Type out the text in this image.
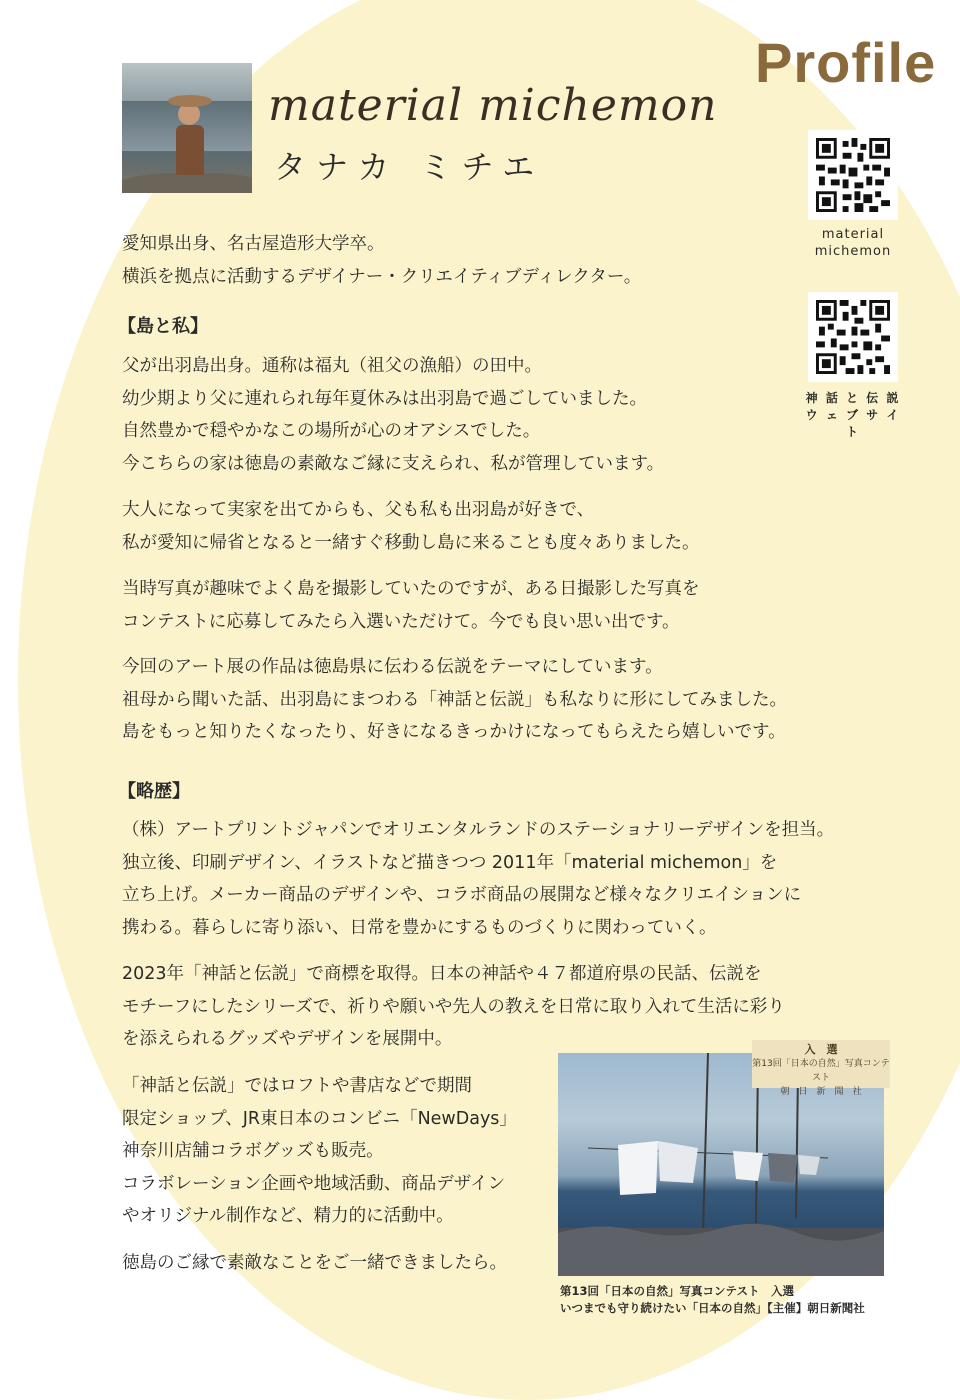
Profile
material michemon
タナカ ミチエ
material
michemon
神 話 と 伝 説
ウ ェ ブ サ イ ト
愛知県出身、名古屋造形大学卒。
横浜を拠点に活動するデザイナー・クリエイティブディレクター。
【島と私】
父が出羽島出身。通称は福丸（祖父の漁船）の田中。
幼少期より父に連れられ毎年夏休みは出羽島で過ごしていました。
自然豊かで穏やかなこの場所が心のオアシスでした。
今こちらの家は徳島の素敵なご縁に支えられ、私が管理しています。
大人になって実家を出てからも、父も私も出羽島が好きで、
私が愛知に帰省となると一緒すぐ移動し島に来ることも度々ありました。
当時写真が趣味でよく島を撮影していたのですが、ある日撮影した写真を
コンテストに応募してみたら入選いただけて。今でも良い思い出です。
今回のアート展の作品は徳島県に伝わる伝説をテーマにしています。
祖母から聞いた話、出羽島にまつわる「神話と伝説」も私なりに形にしてみました。
島をもっと知りたくなったり、好きになるきっかけになってもらえたら嬉しいです。
【略歴】
（株）アートプリントジャパンでオリエンタルランドのステーショナリーデザインを担当。
独立後、印刷デザイン、イラストなど描きつつ 2011年「material michemon」を
立ち上げ。メーカー商品のデザインや、コラボ商品の展開など様々なクリエイションに
携わる。暮らしに寄り添い、日常を豊かにするものづくりに関わっていく。
2023年「神話と伝説」で商標を取得。日本の神話や４７都道府県の民話、伝説を
モチーフにしたシリーズで、祈りや願いや先人の教えを日常に取り入れて生活に彩り
を添えられるグッズやデザインを展開中。
「神話と伝説」ではロフトや書店などで期間
限定ショップ、JR東日本のコンビニ「NewDays」
神奈川店舗コラボグッズも販売。
コラボレーション企画や地域活動、商品デザイン
やオリジナル制作など、精力的に活動中。
徳島のご縁で素敵なことをご一緒できましたら。
入　選
第13回「日本の自然」写真コンテスト
朝　日　新　聞　社
第13回「日本の自然」写真コンテスト　入選
いつまでも守り続けたい「日本の自然」【主催】朝日新聞社
